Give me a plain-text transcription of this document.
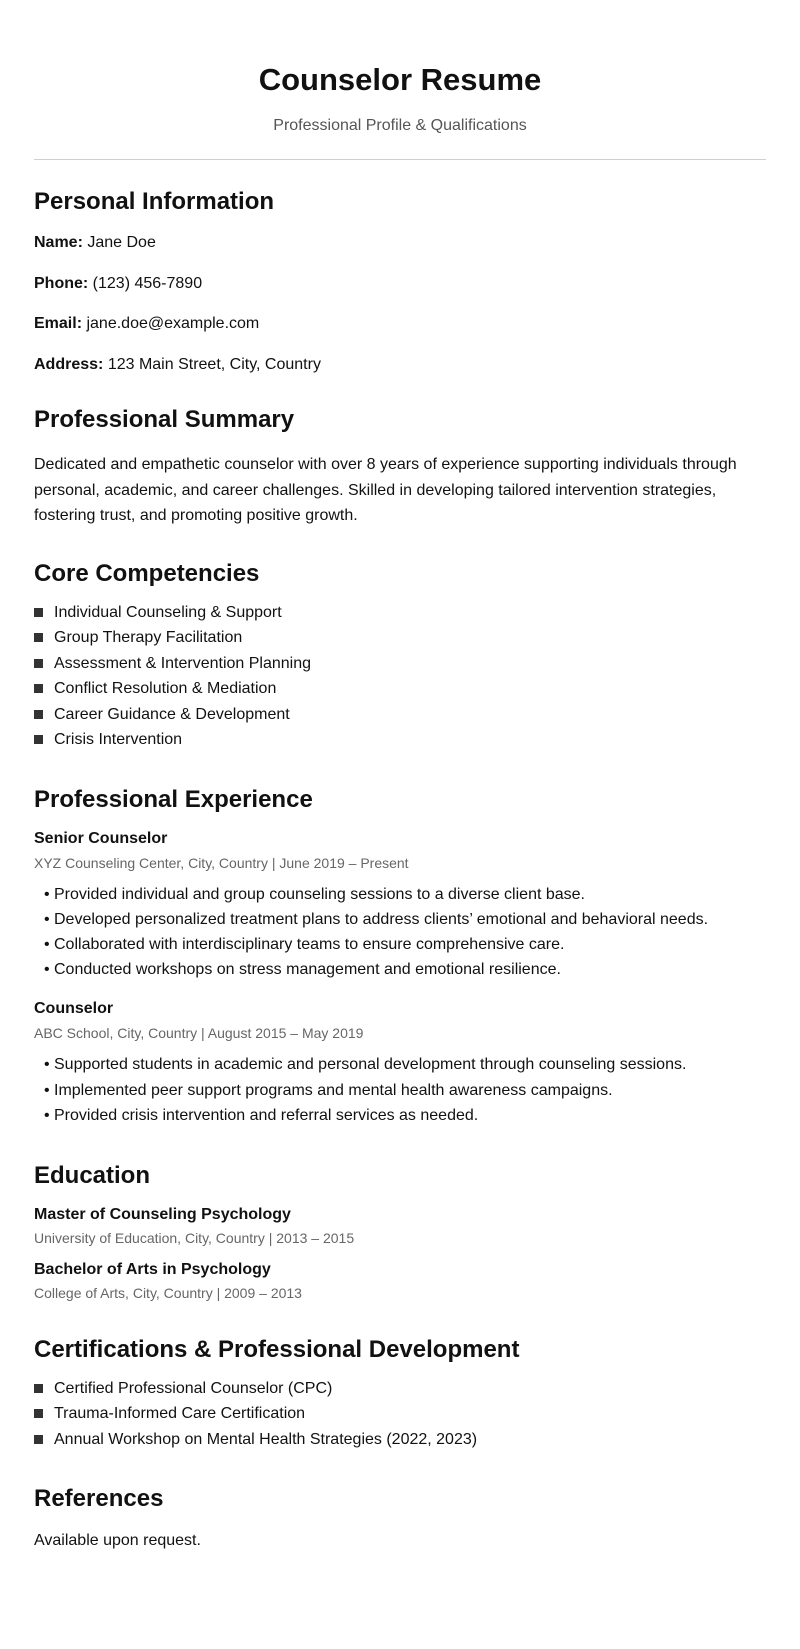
Counselor Resume
Professional Profile & Qualifications
Personal Information
Name: Jane Doe
Phone: (123) 456-7890
Email: jane.doe@example.com
Address: 123 Main Street, City, Country
Professional Summary

Dedicated and empathetic counselor with over 8 years of experience supporting individuals through personal, academic, and career challenges. Skilled in developing tailored intervention strategies, fostering trust, and promoting positive growth.

Core Competencies
Individual Counseling & Support
Group Therapy Facilitation
Assessment & Intervention Planning
Conflict Resolution & Mediation
Career Guidance & Development
Crisis Intervention
Professional Experience
Senior Counselor
XYZ Counseling Center, City, Country | June 2019 – Present
• Provided individual and group counseling sessions to a diverse client base.
• Developed personalized treatment plans to address clients’ emotional and behavioral needs.
• Collaborated with interdisciplinary teams to ensure comprehensive care.
• Conducted workshops on stress management and emotional resilience.
Counselor
ABC School, City, Country | August 2015 – May 2019
• Supported students in academic and personal development through counseling sessions.
• Implemented peer support programs and mental health awareness campaigns.
• Provided crisis intervention and referral services as needed.
Education
Master of Counseling Psychology
University of Education, City, Country | 2013 – 2015
Bachelor of Arts in Psychology
College of Arts, City, Country | 2009 – 2013
Certifications & Professional Development
Certified Professional Counselor (CPC)
Trauma-Informed Care Certification
Annual Workshop on Mental Health Strategies (2022, 2023)
References
Available upon request.
